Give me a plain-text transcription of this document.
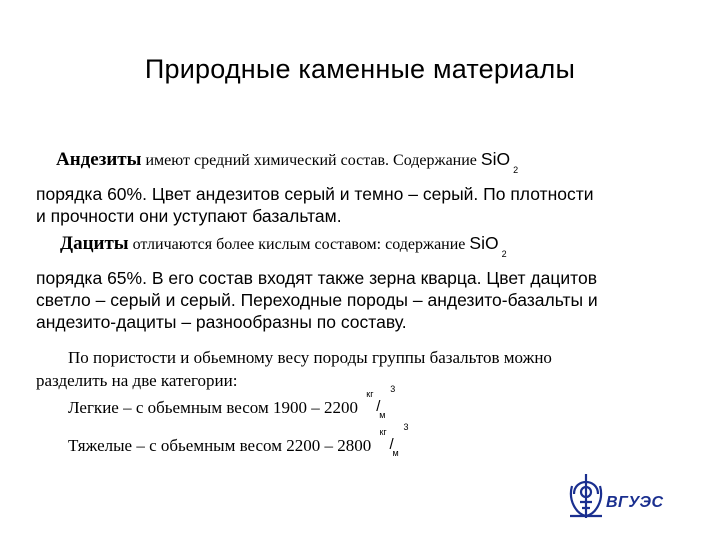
Природные каменные материалы
Андезиты имеют средний химический состав. Содержание SiO$_2$
порядка 60%. Цвет андезитов серый и темно – серый. По плотности
и прочности они уступают базальтам.
Дациты отличаются более кислым составом: содержание SiO$_2$
порядка 65%. В его состав входят также зерна кварца. Цвет дацитов
светло – серый и серый. Переходные породы – андезито-базальты и
андезито-дациты – разнообразны по составу.
По пористости и обьемному весу породы группы базальтов можно
разделить на две категории:
Легкие – с обьемным весом 1900 – 2200
кг
/
м
3
Тяжелые – с обьемным весом 2200 – 2800
кг
/
м
3
ВГУЭС
